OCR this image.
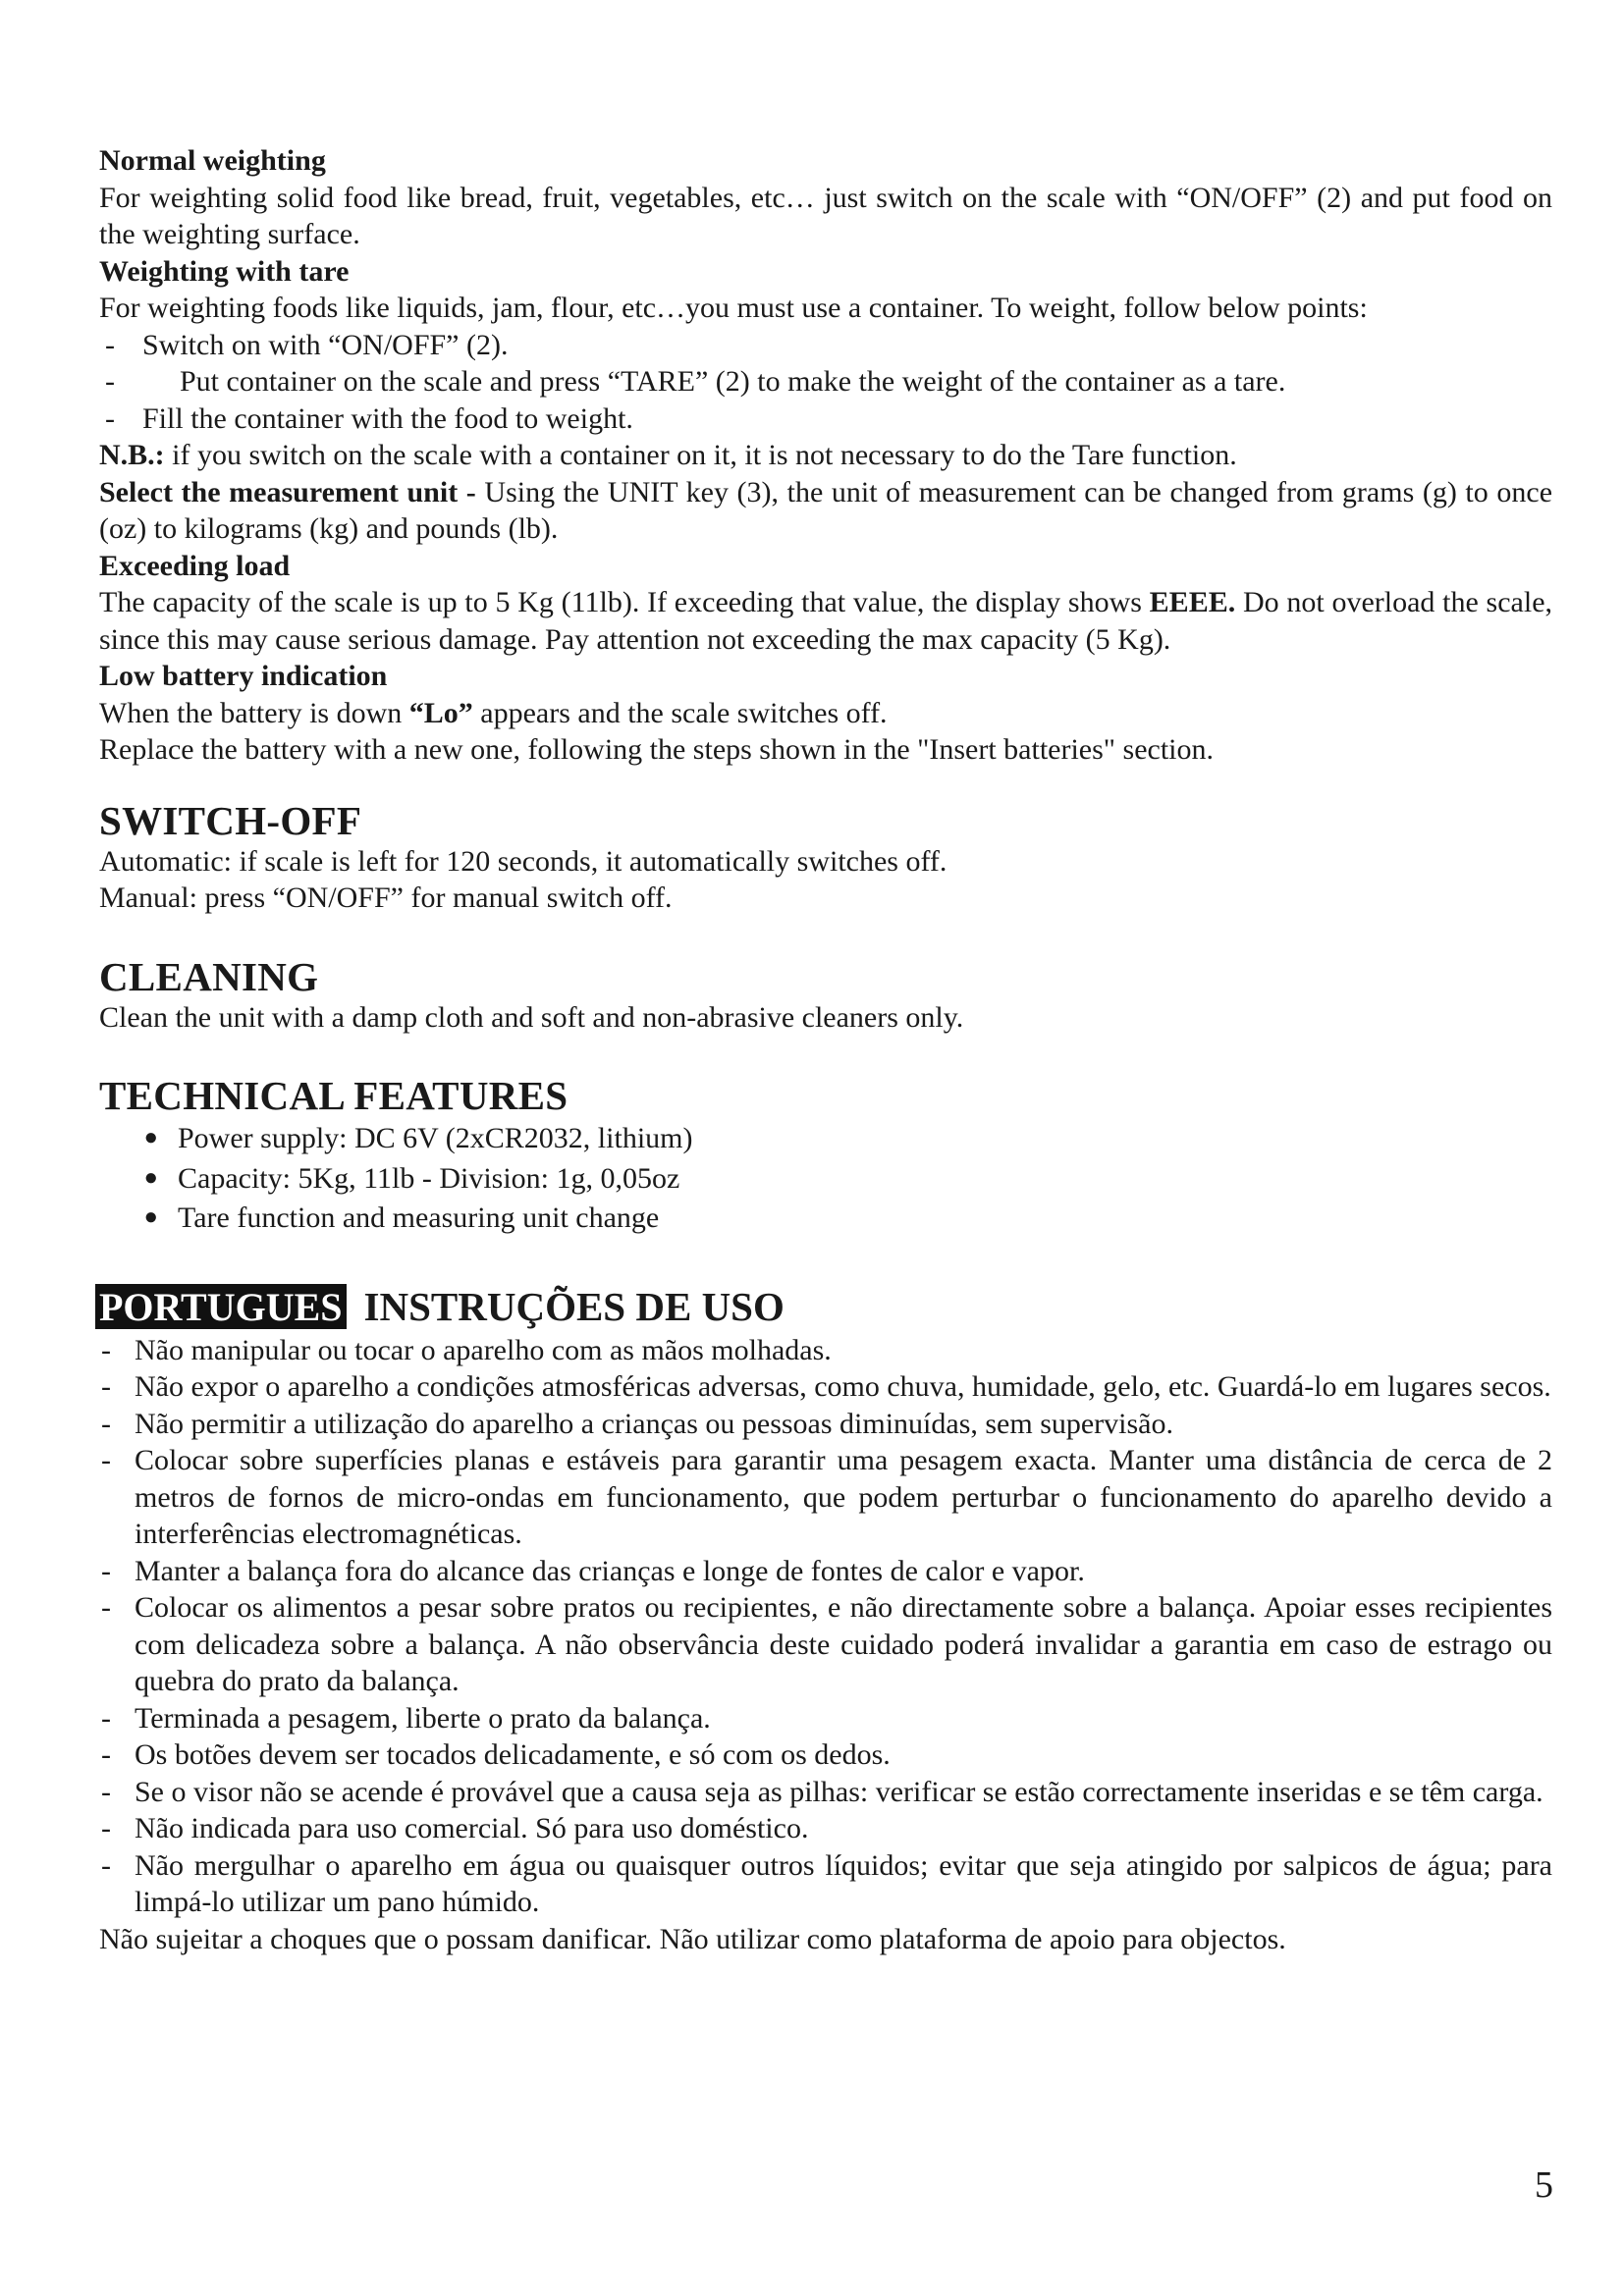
Normal weighting

For weighting solid food like bread, fruit, vegetables, etc… just switch on the scale with “ON/OFF” (2) and put food on the weighting surface.

Weighting with tare

For weighting foods like liquids, jam, flour, etc…you must use a container. To weight, follow below points:

- Switch on with “ON/OFF” (2).
-	Put container on the scale and press “TARE” (2) to make the weight of the container as a tare.
- Fill the container with the food to weight.

N.B.: if you switch on the scale with a container on it, it is not necessary to do the Tare function.

Select the measurement unit - Using the UNIT key (3), the unit of measurement can be changed from grams (g) to once (oz) to kilograms (kg) and pounds (lb).

Exceeding load

The capacity of the scale is up to 5 Kg (11lb). If exceeding that value, the display shows EEEE. Do not overload the scale, since this may cause serious damage. Pay attention not exceeding the max capacity (5 Kg).

Low battery indication

When the battery is down “Lo” appears and the scale switches off.

Replace the battery with a new one, following the steps shown in the "Insert batteries" section.

SWITCH-OFF

Automatic: if scale is left for 120 seconds, it automatically switches off.

Manual: press “ON/OFF” for manual switch off.

CLEANING

Clean the unit with a damp cloth and soft and non-abrasive cleaners only.

TECHNICAL FEATURES

● Power supply: DC 6V (2xCR2032, lithium)
● Capacity: 5Kg, 11lb - Division: 1g, 0,05oz
● Tare function and measuring unit change
PORTUGUES INSTRUÇÕES DE USO
- Não manipular ou tocar o aparelho com as mãos molhadas.
- Não expor o aparelho a condições atmosféricas adversas, como chuva, humidade, gelo, etc. Guardá-lo em lugares secos.
- Não permitir a utilização do aparelho a crianças ou pessoas diminuídas, sem supervisão.
- Colocar sobre superfícies planas e estáveis para garantir uma pesagem exacta. Manter uma distância de cerca de 2 metros de fornos de micro-ondas em funcionamento, que podem perturbar o funcionamento do aparelho devido a interferências electromagnéticas.
- Manter a balança fora do alcance das crianças e longe de fontes de calor e vapor.
- Colocar os alimentos a pesar sobre pratos ou recipientes, e não directamente sobre a balança. Apoiar esses recipientes com delicadeza sobre a balança. A não observância deste cuidado poderá invalidar a garantia em caso de estrago ou quebra do prato da balança.
- Terminada a pesagem, liberte o prato da balança.
- Os botões devem ser tocados delicadamente, e só com os dedos.
- Se o visor não se acende é provável que a causa seja as pilhas: verificar se estão correctamente inseridas e se têm carga.
- Não indicada para uso comercial. Só para uso doméstico.
- Não mergulhar o aparelho em água ou quaisquer outros líquidos; evitar que seja atingido por salpicos de água; para limpá-lo utilizar um pano húmido.

Não sujeitar a choques que o possam danificar. Não utilizar como plataforma de apoio para objectos.

5
